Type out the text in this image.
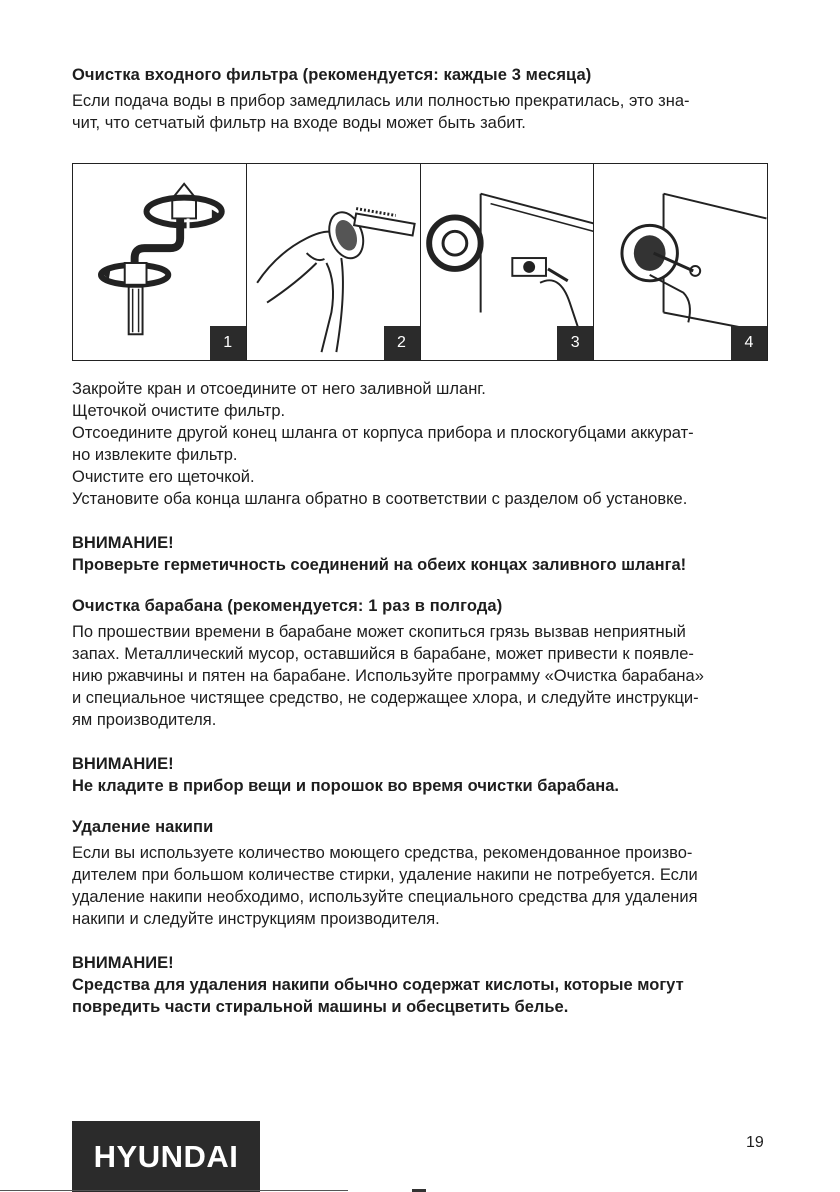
Очистка входного фильтра (рекомендуется: каждые 3 месяца)

Если подача воды в прибор замедлилась или полностью прекратилась, это зна-
чит, что сетчатый фильтр на входе воды может быть забит.

1	2	3	4

Закройте кран и отсоедините от него заливной шланг.
Щеточкой очистите фильтр.
Отсоедините другой конец шланга от корпуса прибора и плоскогубцами аккурат-
но извлеките фильтр.
Очистите его щеточкой.
Установите оба конца шланга обратно в соответствии с разделом об установке.

ВНИМАНИЕ!
Проверьте герметичность соединений на обеих концах заливного шланга!

Очистка барабана (рекомендуется: 1 раз в полгода)

По прошествии времени в барабане может скопиться грязь вызвав неприятный
запах. Металлический мусор, оставшийся в барабане, может привести к появле-
нию ржавчины и пятен на барабане. Используйте программу «Очистка барабана»
и специальное чистящее средство, не содержащее хлора, и следуйте инструкци-
ям производителя.

ВНИМАНИЕ!
Не кладите в прибор вещи и порошок во время очистки барабана.

Удаление накипи

Если вы используете количество моющего средства, рекомендованное произво-
дителем при большом количестве стирки, удаление накипи не потребуется. Если
удаление накипи необходимо, используйте специального средства для удаления
накипи и следуйте инструкциям производителя.

ВНИМАНИЕ!
Средства для удаления накипи обычно содержат кислоты, которые могут
повредить части стиральной машины и обесцветить белье.

HYUNDAI	19
